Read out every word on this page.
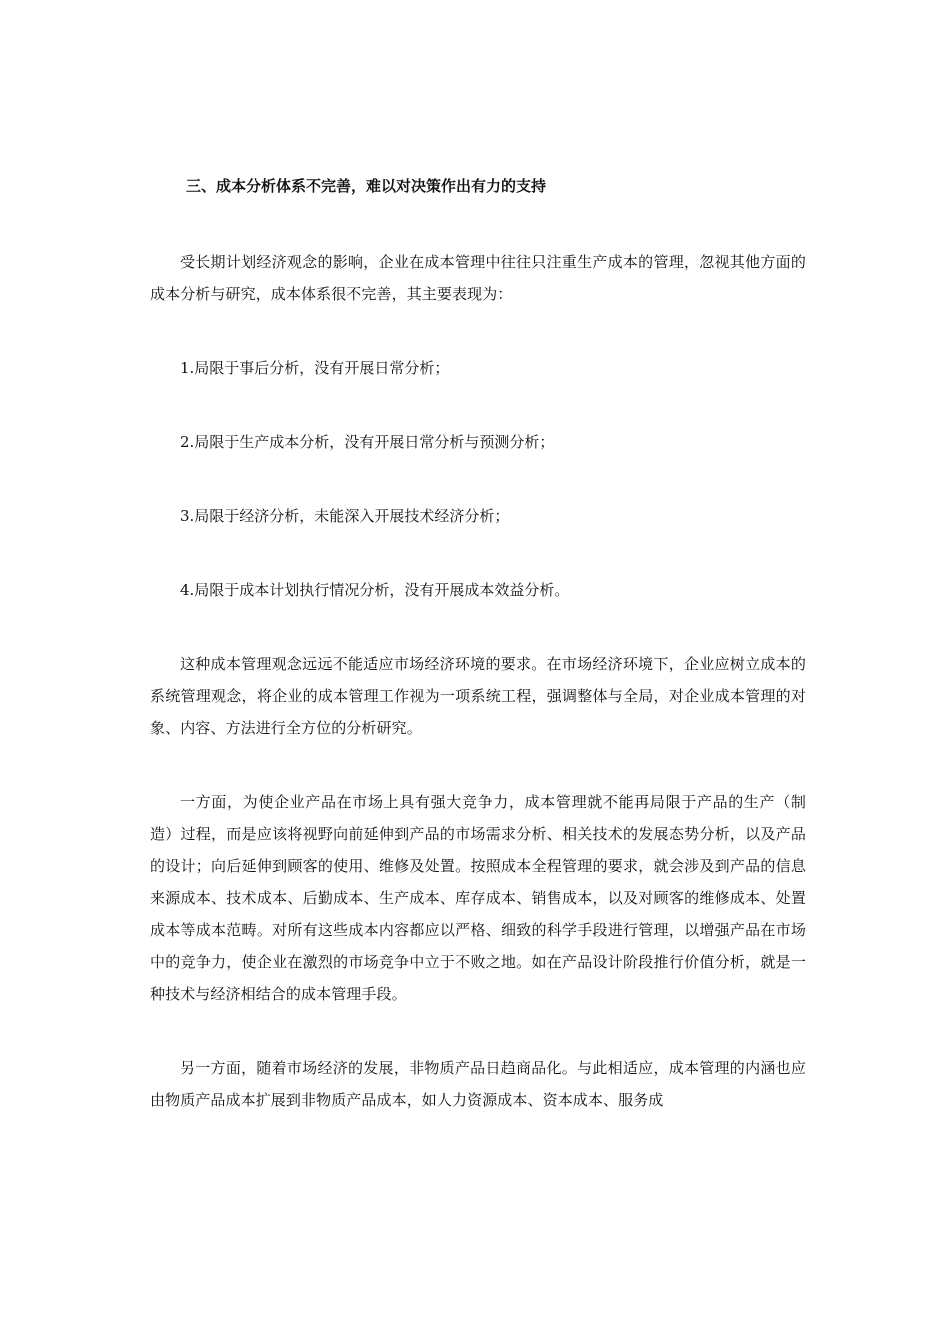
三、成本分析体系不完善，难以对决策作出有力的支持

受长期计划经济观念的影响，企业在成本管理中往往只注重生产成本的管理，忽视其他方面的成本分析与研究，成本体系很不完善，其主要表现为：

1.局限于事后分析，没有开展日常分析；

2.局限于生产成本分析，没有开展日常分析与预测分析；

3.局限于经济分析，未能深入开展技术经济分析；

4.局限于成本计划执行情况分析，没有开展成本效益分析。

这种成本管理观念远远不能适应市场经济环境的要求。在市场经济环境下，企业应树立成本的系统管理观念，将企业的成本管理工作视为一项系统工程，强调整体与全局，对企业成本管理的对象、内容、方法进行全方位的分析研究。

一方面，为使企业产品在市场上具有强大竞争力，成本管理就不能再局限于产品的生产（制造）过程，而是应该将视野向前延伸到产品的市场需求分析、相关技术的发展态势分析，以及产品的设计；向后延伸到顾客的使用、维修及处置。按照成本全程管理的要求，就会涉及到产品的信息来源成本、技术成本、后勤成本、生产成本、库存成本、销售成本，以及对顾客的维修成本、处置成本等成本范畴。对所有这些成本内容都应以严格、细致的科学手段进行管理，以增强产品在市场中的竞争力，使企业在激烈的市场竞争中立于不败之地。如在产品设计阶段推行价值分析，就是一种技术与经济相结合的成本管理手段。

另一方面，随着市场经济的发展，非物质产品日趋商品化。与此相适应，成本管理的内涵也应由物质产品成本扩展到非物质产品成本，如人力资源成本、资本成本、服务成
